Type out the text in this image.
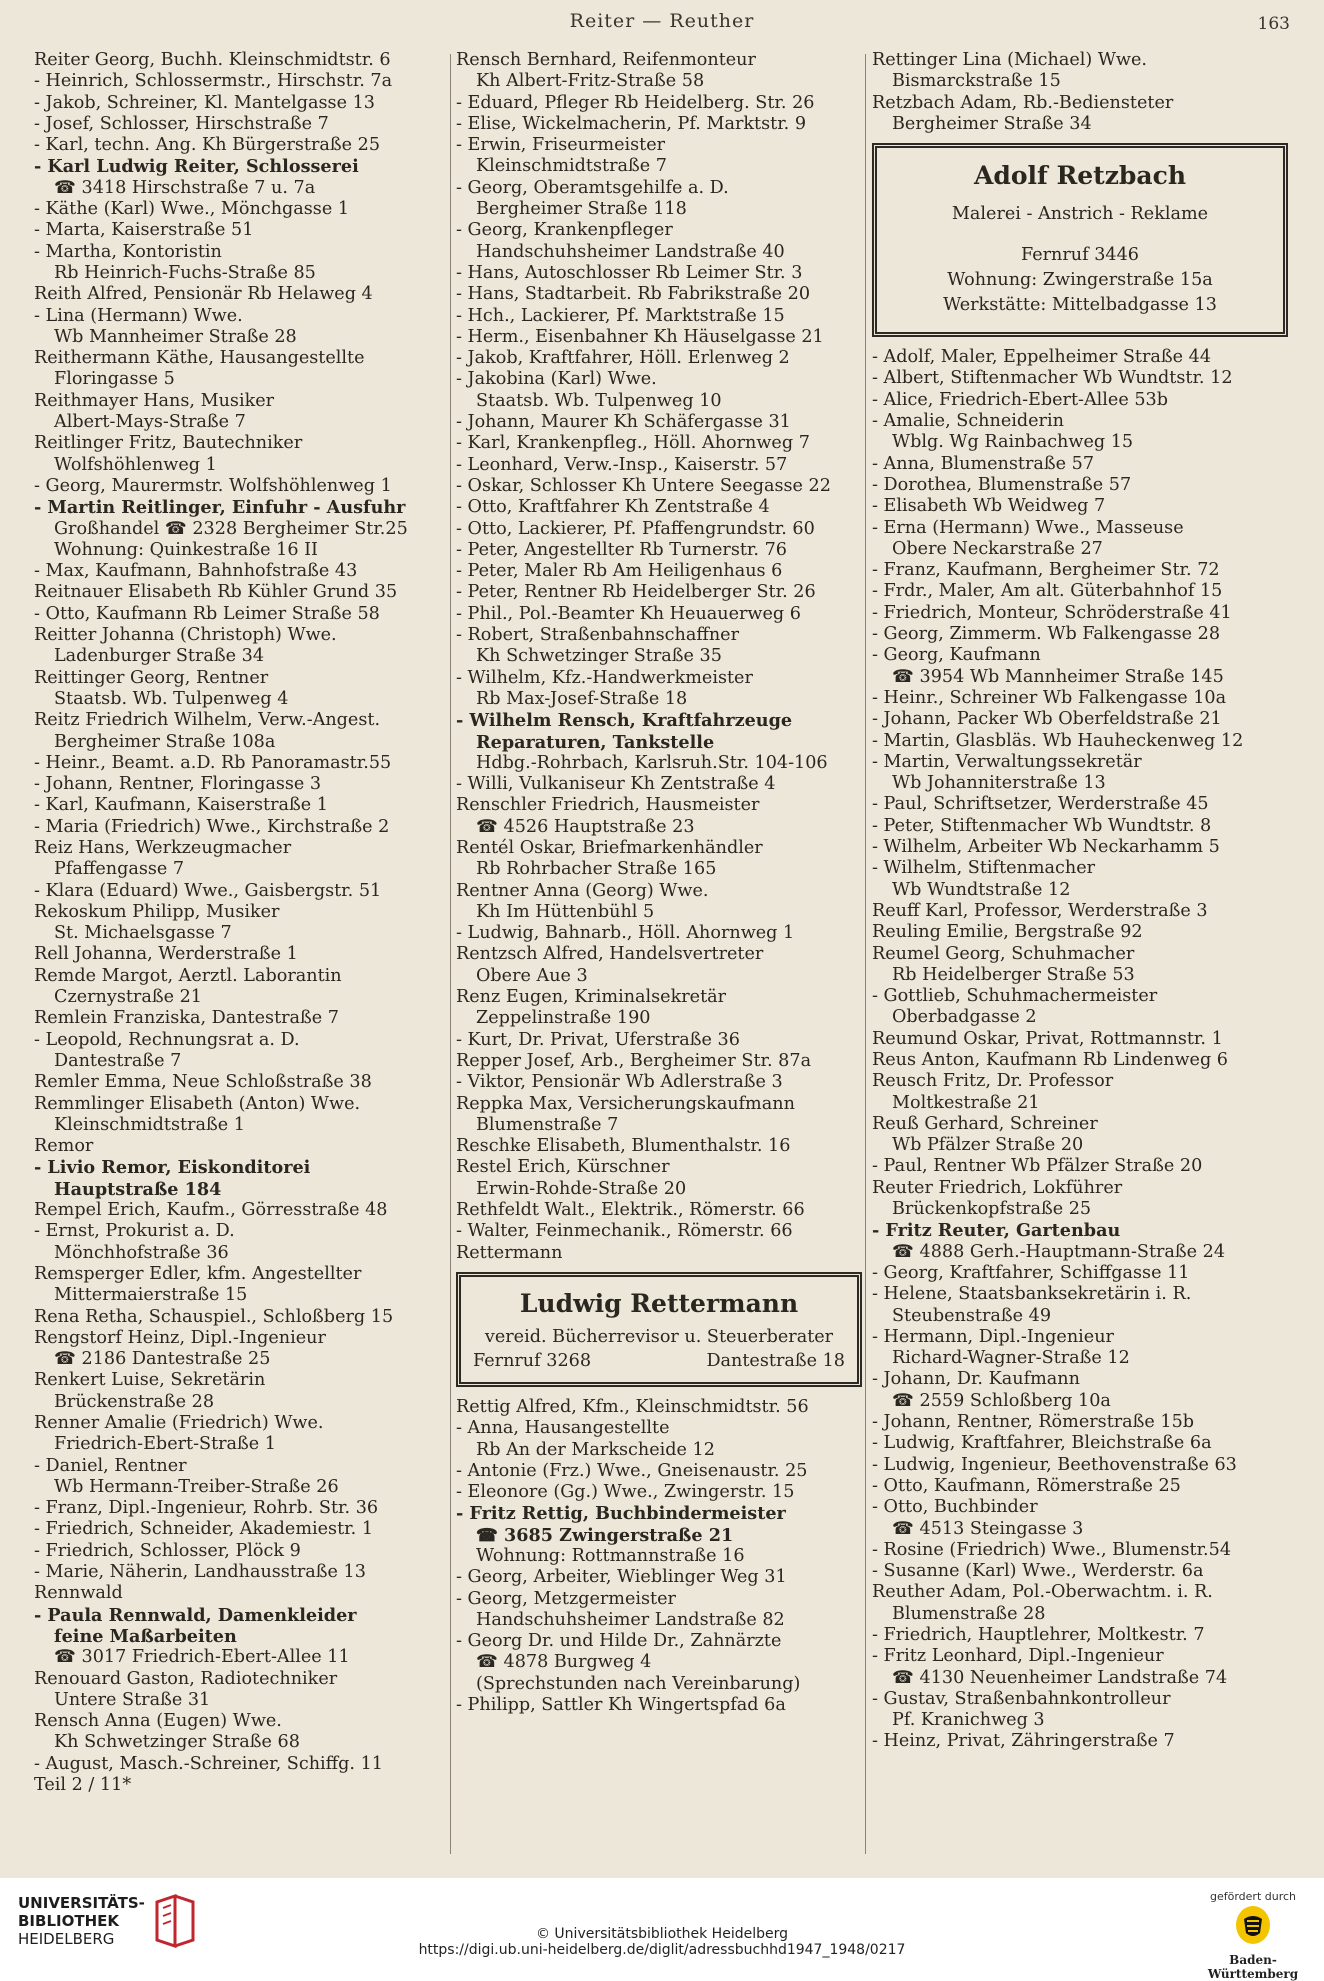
Reiter — Reuther	163
Reiter Georg, Buchh. Kleinschmidtstr. 6
- Heinrich, Schlossermstr., Hirschstr. 7a
- Jakob, Schreiner, Kl. Mantelgasse 13
- Josef, Schlosser, Hirschstraße 7
- Karl, techn. Ang. Kh Bürgerstraße 25
- Karl Ludwig Reiter, Schlosserei
☎ 3418 Hirschstraße 7 u. 7a
- Käthe (Karl) Wwe., Mönchgasse 1
- Marta, Kaiserstraße 51
- Martha, Kontoristin
Rb Heinrich-Fuchs-Straße 85
Reith Alfred, Pensionär Rb Helaweg 4
- Lina (Hermann) Wwe.
Wb Mannheimer Straße 28
Reithermann Käthe, Hausangestellte
Floringasse 5
Reithmayer Hans, Musiker
Albert-Mays-Straße 7
Reitlinger Fritz, Bautechniker
Wolfshöhlenweg 1
- Georg, Maurermstr. Wolfshöhlenweg 1
- Martin Reitlinger, Einfuhr - Ausfuhr
Großhandel ☎ 2328 Bergheimer Str.25
Wohnung: Quinkestraße 16 II
- Max, Kaufmann, Bahnhofstraße 43
Reitnauer Elisabeth Rb Kühler Grund 35
- Otto, Kaufmann Rb Leimer Straße 58
Reitter Johanna (Christoph) Wwe.
Ladenburger Straße 34
Reittinger Georg, Rentner
Staatsb. Wb. Tulpenweg 4
Reitz Friedrich Wilhelm, Verw.-Angest.
Bergheimer Straße 108a
- Heinr., Beamt. a.D. Rb Panoramastr.55
- Johann, Rentner, Floringasse 3
- Karl, Kaufmann, Kaiserstraße 1
- Maria (Friedrich) Wwe., Kirchstraße 2
Reiz Hans, Werkzeugmacher
Pfaffengasse 7
- Klara (Eduard) Wwe., Gaisbergstr. 51
Rekoskum Philipp, Musiker
St. Michaelsgasse 7
Rell Johanna, Werderstraße 1
Remde Margot, Aerztl. Laborantin
Czernystraße 21
Remlein Franziska, Dantestraße 7
- Leopold, Rechnungsrat a. D.
Dantestraße 7
Remler Emma, Neue Schloßstraße 38
Remmlinger Elisabeth (Anton) Wwe.
Kleinschmidtstraße 1
Remor
- Livio Remor, Eiskonditorei
Hauptstraße 184
Rempel Erich, Kaufm., Görresstraße 48
- Ernst, Prokurist a. D.
Mönchhofstraße 36
Remsperger Edler, kfm. Angestellter
Mittermaierstraße 15
Rena Retha, Schauspiel., Schloßberg 15
Rengstorf Heinz, Dipl.-Ingenieur
☎ 2186 Dantestraße 25
Renkert Luise, Sekretärin
Brückenstraße 28
Renner Amalie (Friedrich) Wwe.
Friedrich-Ebert-Straße 1
- Daniel, Rentner
Wb Hermann-Treiber-Straße 26
- Franz, Dipl.-Ingenieur, Rohrb. Str. 36
- Friedrich, Schneider, Akademiestr. 1
- Friedrich, Schlosser, Plöck 9
- Marie, Näherin, Landhausstraße 13
Rennwald
- Paula Rennwald, Damenkleider
feine Maßarbeiten
☎ 3017 Friedrich-Ebert-Allee 11
Renouard Gaston, Radiotechniker
Untere Straße 31
Rensch Anna (Eugen) Wwe.
Kh Schwetzinger Straße 68
- August, Masch.-Schreiner, Schiffg. 11
Teil 2 / 11*
Rensch Bernhard, Reifenmonteur
Kh Albert-Fritz-Straße 58
- Eduard, Pfleger Rb Heidelberg. Str. 26
- Elise, Wickelmacherin, Pf. Marktstr. 9
- Erwin, Friseurmeister
Kleinschmidtstraße 7
- Georg, Oberamtsgehilfe a. D.
Bergheimer Straße 118
- Georg, Krankenpfleger
Handschuhsheimer Landstraße 40
- Hans, Autoschlosser Rb Leimer Str. 3
- Hans, Stadtarbeit. Rb Fabrikstraße 20
- Hch., Lackierer, Pf. Marktstraße 15
- Herm., Eisenbahner Kh Häuselgasse 21
- Jakob, Kraftfahrer, Höll. Erlenweg 2
- Jakobina (Karl) Wwe.
Staatsb. Wb. Tulpenweg 10
- Johann, Maurer Kh Schäfergasse 31
- Karl, Krankenpfleg., Höll. Ahornweg 7
- Leonhard, Verw.-Insp., Kaiserstr. 57
- Oskar, Schlosser Kh Untere Seegasse 22
- Otto, Kraftfahrer Kh Zentstraße 4
- Otto, Lackierer, Pf. Pfaffengrundstr. 60
- Peter, Angestellter Rb Turnerstr. 76
- Peter, Maler Rb Am Heiligenhaus 6
- Peter, Rentner Rb Heidelberger Str. 26
- Phil., Pol.-Beamter Kh Heuauerweg 6
- Robert, Straßenbahnschaffner
Kh Schwetzinger Straße 35
- Wilhelm, Kfz.-Handwerkmeister
Rb Max-Josef-Straße 18
- Wilhelm Rensch, Kraftfahrzeuge
Reparaturen, Tankstelle
Hdbg.-Rohrbach, Karlsruh.Str. 104-106
- Willi, Vulkaniseur Kh Zentstraße 4
Renschler Friedrich, Hausmeister
☎ 4526 Hauptstraße 23
Rentél Oskar, Briefmarkenhändler
Rb Rohrbacher Straße 165
Rentner Anna (Georg) Wwe.
Kh Im Hüttenbühl 5
- Ludwig, Bahnarb., Höll. Ahornweg 1
Rentzsch Alfred, Handelsvertreter
Obere Aue 3
Renz Eugen, Kriminalsekretär
Zeppelinstraße 190
- Kurt, Dr. Privat, Uferstraße 36
Repper Josef, Arb., Bergheimer Str. 87a
- Viktor, Pensionär Wb Adlerstraße 3
Reppka Max, Versicherungskaufmann
Blumenstraße 7
Reschke Elisabeth, Blumenthalstr. 16
Restel Erich, Kürschner
Erwin-Rohde-Straße 20
Rethfeldt Walt., Elektrik., Römerstr. 66
- Walter, Feinmechanik., Römerstr. 66
Rettermann
Ludwig Rettermann
vereid. Bücherrevisor u. Steuerberater
Fernruf 3268	Dantestraße 18
Rettig Alfred, Kfm., Kleinschmidtstr. 56
- Anna, Hausangestellte
Rb An der Markscheide 12
- Antonie (Frz.) Wwe., Gneisenaustr. 25
- Eleonore (Gg.) Wwe., Zwingerstr. 15
- Fritz Rettig, Buchbindermeister
☎ 3685 Zwingerstraße 21
Wohnung: Rottmannstraße 16
- Georg, Arbeiter, Wieblinger Weg 31
- Georg, Metzgermeister
Handschuhsheimer Landstraße 82
- Georg Dr. und Hilde Dr., Zahnärzte
☎ 4878 Burgweg 4
(Sprechstunden nach Vereinbarung)
- Philipp, Sattler Kh Wingertspfad 6a
Rettinger Lina (Michael) Wwe.
Bismarckstraße 15
Retzbach Adam, Rb.-Bediensteter
Bergheimer Straße 34
Adolf Retzbach
Malerei - Anstrich - Reklame
Fernruf 3446
Wohnung: Zwingerstraße 15a
Werkstätte: Mittelbadgasse 13
- Adolf, Maler, Eppelheimer Straße 44
- Albert, Stiftenmacher Wb Wundtstr. 12
- Alice, Friedrich-Ebert-Allee 53b
- Amalie, Schneiderin
Wblg. Wg Rainbachweg 15
- Anna, Blumenstraße 57
- Dorothea, Blumenstraße 57
- Elisabeth Wb Weidweg 7
- Erna (Hermann) Wwe., Masseuse
Obere Neckarstraße 27
- Franz, Kaufmann, Bergheimer Str. 72
- Frdr., Maler, Am alt. Güterbahnhof 15
- Friedrich, Monteur, Schröderstraße 41
- Georg, Zimmerm. Wb Falkengasse 28
- Georg, Kaufmann
☎ 3954 Wb Mannheimer Straße 145
- Heinr., Schreiner Wb Falkengasse 10a
- Johann, Packer Wb Oberfeldstraße 21
- Martin, Glasbläs. Wb Hauheckenweg 12
- Martin, Verwaltungssekretär
Wb Johanniterstraße 13
- Paul, Schriftsetzer, Werderstraße 45
- Peter, Stiftenmacher Wb Wundtstr. 8
- Wilhelm, Arbeiter Wb Neckarhamm 5
- Wilhelm, Stiftenmacher
Wb Wundtstraße 12
Reuff Karl, Professor, Werderstraße 3
Reuling Emilie, Bergstraße 92
Reumel Georg, Schuhmacher
Rb Heidelberger Straße 53
- Gottlieb, Schuhmachermeister
Oberbadgasse 2
Reumund Oskar, Privat, Rottmannstr. 1
Reus Anton, Kaufmann Rb Lindenweg 6
Reusch Fritz, Dr. Professor
Moltkestraße 21
Reuß Gerhard, Schreiner
Wb Pfälzer Straße 20
- Paul, Rentner Wb Pfälzer Straße 20
Reuter Friedrich, Lokführer
Brückenkopfstraße 25
- Fritz Reuter, Gartenbau
☎ 4888 Gerh.-Hauptmann-Straße 24
- Georg, Kraftfahrer, Schiffgasse 11
- Helene, Staatsbanksekretärin i. R.
Steubenstraße 49
- Hermann, Dipl.-Ingenieur
Richard-Wagner-Straße 12
- Johann, Dr. Kaufmann
☎ 2559 Schloßberg 10a
- Johann, Rentner, Römerstraße 15b
- Ludwig, Kraftfahrer, Bleichstraße 6a
- Ludwig, Ingenieur, Beethovenstraße 63
- Otto, Kaufmann, Römerstraße 25
- Otto, Buchbinder
☎ 4513 Steingasse 3
- Rosine (Friedrich) Wwe., Blumenstr.54
- Susanne (Karl) Wwe., Werderstr. 6a
Reuther Adam, Pol.-Oberwachtm. i. R.
Blumenstraße 28
- Friedrich, Hauptlehrer, Moltkestr. 7
- Fritz Leonhard, Dipl.-Ingenieur
☎ 4130 Neuenheimer Landstraße 74
- Gustav, Straßenbahnkontrolleur
Pf. Kranichweg 3
- Heinz, Privat, Zähringerstraße 7
UNIVERSITÄTS-
BIBLIOTHEK
HEIDELBERG	© Universitätsbibliothek Heidelberg
https://digi.ub.uni-heidelberg.de/diglit/adressbuchhd1947_1948/0217
gefördert durch
Baden-Württemberg
